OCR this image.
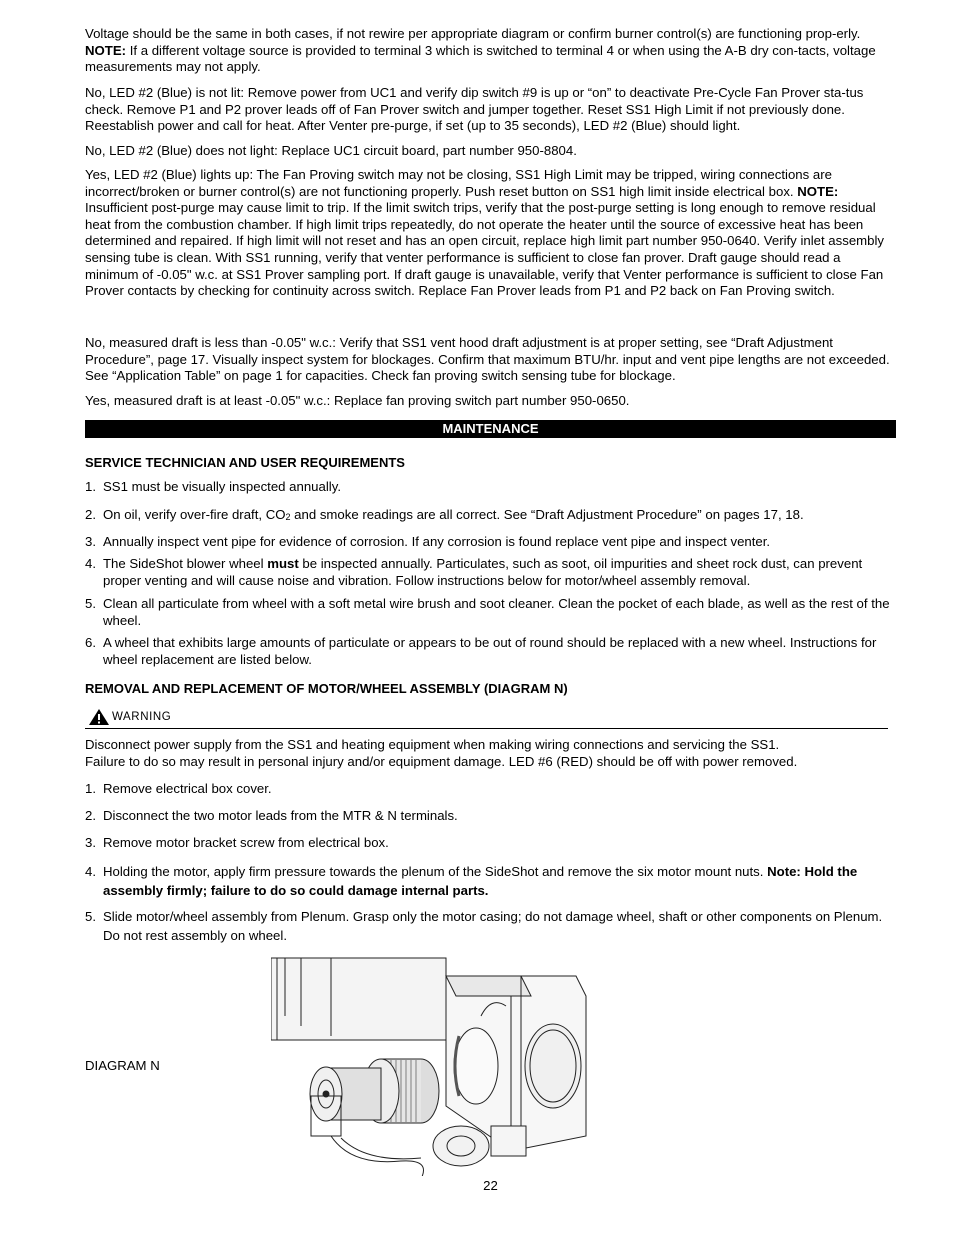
Voltage should be the same in both cases, if not rewire per appropriate diagram or confirm burner control(s) are functioning prop-erly. NOTE: If a different voltage source is provided to terminal 3 which is switched to terminal 4 or when using the A-B dry con-tacts, voltage measurements may not apply.

No, LED #2 (Blue) is not lit: Remove power from UC1 and verify dip switch #9 is up or “on” to deactivate Pre-Cycle Fan Prover sta-tus check. Remove P1 and P2 prover leads off of Fan Prover switch and jumper together. Reset SS1 High Limit if not previously done. Reestablish power and call for heat. After Venter pre-purge, if set (up to 35 seconds), LED #2 (Blue) should light.

No, LED #2 (Blue) does not light: Replace UC1 circuit board, part number 950-8804.

Yes, LED #2 (Blue) lights up: The Fan Proving switch may not be closing, SS1 High Limit may be tripped, wiring connections are incorrect/broken or burner control(s) are not functioning properly. Push reset button on SS1 high limit inside electrical box. NOTE: Insufficient post-purge may cause limit to trip. If the limit switch trips, verify that the post-purge setting is long enough to remove residual heat from the combustion chamber. If high limit trips repeatedly, do not operate the heater until the source of excessive heat has been determined and repaired. If high limit will not reset and has an open circuit, replace high limit part number 950-0640. Verify inlet assembly sensing tube is clean. With SS1 running, verify that venter performance is sufficient to close fan prover. Draft gauge should read a minimum of -0.05" w.c. at SS1 Prover sampling port. If draft gauge is unavailable, verify that Venter performance is sufficient to close Fan Prover contacts by checking for continuity across switch. Replace Fan Prover leads from P1 and P2 back on Fan Proving switch.

No, measured draft is less than -0.05" w.c.: Verify that SS1 vent hood draft adjustment is at proper setting, see “Draft Adjustment Procedure”, page 17. Visually inspect system for blockages. Confirm that maximum BTU/hr. input and vent pipe lengths are not exceeded. See “Application Table” on page 1 for capacities. Check fan proving switch sensing tube for blockage.

Yes, measured draft is at least -0.05" w.c.: Replace fan proving switch part number 950-0650.

MAINTENANCE
SERVICE TECHNICIAN AND USER REQUIREMENTS
1. SS1 must be visually inspected annually.
2. On oil, verify over-fire draft, $CO_2$ and smoke readings are all correct. See “Draft Adjustment Procedure” on pages 17, 18.
3. Annually inspect vent pipe for evidence of corrosion. If any corrosion is found replace vent pipe and inspect venter.
4. The SideShot blower wheel must be inspected annually. Particulates, such as soot, oil impurities and sheet rock dust, can prevent proper venting and will cause noise and vibration. Follow instructions below for motor/wheel assembly removal.
5. Clean all particulate from wheel with a soft metal wire brush and soot cleaner. Clean the pocket of each blade, as well as the rest of the wheel.
6. A wheel that exhibits large amounts of particulate or appears to be out of round should be replaced with a new wheel. Instructions for wheel replacement are listed below.
REMOVAL AND REPLACEMENT OF MOTOR/WHEEL ASSEMBLY (DIAGRAM N)
WARNING

Disconnect power supply from the SS1 and heating equipment when making wiring connections and servicing the SS1.
Failure to do so may result in personal injury and/or equipment damage. LED #6 (RED) should be off with power removed.

1. Remove electrical box cover.
2. Disconnect the two motor leads from the MTR & N terminals.
3. Remove motor bracket screw from electrical box.
4. Holding the motor, apply firm pressure towards the plenum of the SideShot and remove the six motor mount nuts. Note: Hold the assembly firmly; failure to do so could damage internal parts.
5. Slide motor/wheel assembly from Plenum. Grasp only the motor casing; do not damage wheel, shaft or other components on Plenum. Do not rest assembly on wheel.
DIAGRAM N
22
